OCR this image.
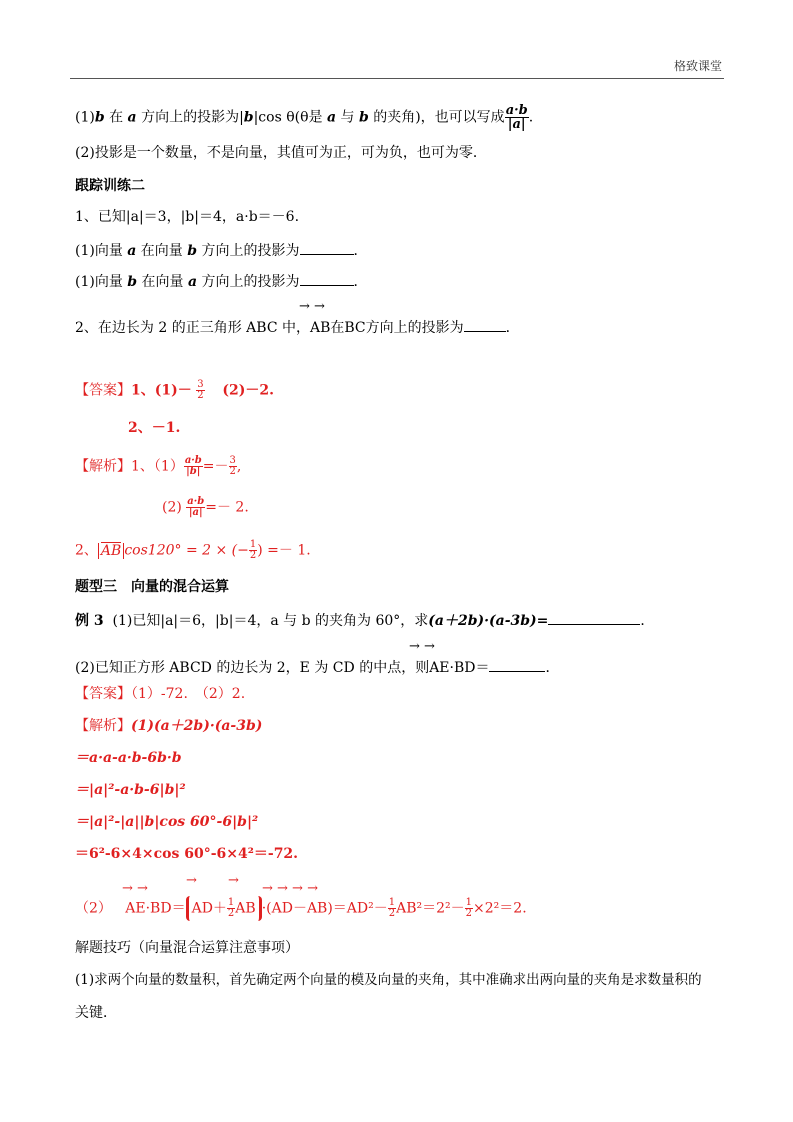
格致课堂
(1)b 在 a 方向上的投影为|b|cos θ(θ是 a 与 b 的夹角)，也可以写成 $\frac{a\cdot b}{|a|}$ .
(2)投影是一个数量，不是向量，其值可为正，可为负，也可为零．
跟踪训练二
1、已知|a|＝3，|b|＝4，a·b＝－6.
(1)向量 a 在向量 b 方向上的投影为	．
(1)向量 b 在向量 a 方向上的投影为	．
→ →
2、在边长为 2 的正三角形 ABC 中，AB在BC方向上的投影为	．
【答案】1、$(1)- \frac{3}{2} (2)-2$.
2、－1.
【解析】1、$(1) \frac{a\cdot b}{|b|} =- \frac{3}{2}$ ,
$(2) \frac{a\cdot b}{|a|} =- 2$.
2、 AB cos120° = 2 × (− $\frac{1}{2}$ ) =－ 1.
题型三　向量的混合运算
例 3 (1)已知|a|＝6，|b|＝4，a 与 b 的夹角为 60°，求(a＋2b)·(a-3b)=	．
→ →
(2)已知正方形 ABCD 的边长为 2，E 为 CD 的中点，则AE·BD＝	．
【答案】（1）-72.　（2）2.
【解析】(1)(a＋2b)·(a-3b)
＝a·a-a·b-6b·b
＝|a|²-a·b-6|b|²
＝|a|²-|a||b|cos 60°-6|b|²
＝6²-6×4×cos 60°-6×4²＝-72.
→ →
→ →
→ → → →
（2） $AE\cdot BD= AD+ \frac{1}{2}$ AB $\cdot(AD-AB)=AD^2- \frac{1}{2} AB^2=2^2- \frac{1}{2} \times 2^2=2$.
解题技巧（向量混合运算注意事项）
(1)求两个向量的数量积，首先确定两个向量的模及向量的夹角，其中准确求出两向量的夹角是求数量积的
关键．
